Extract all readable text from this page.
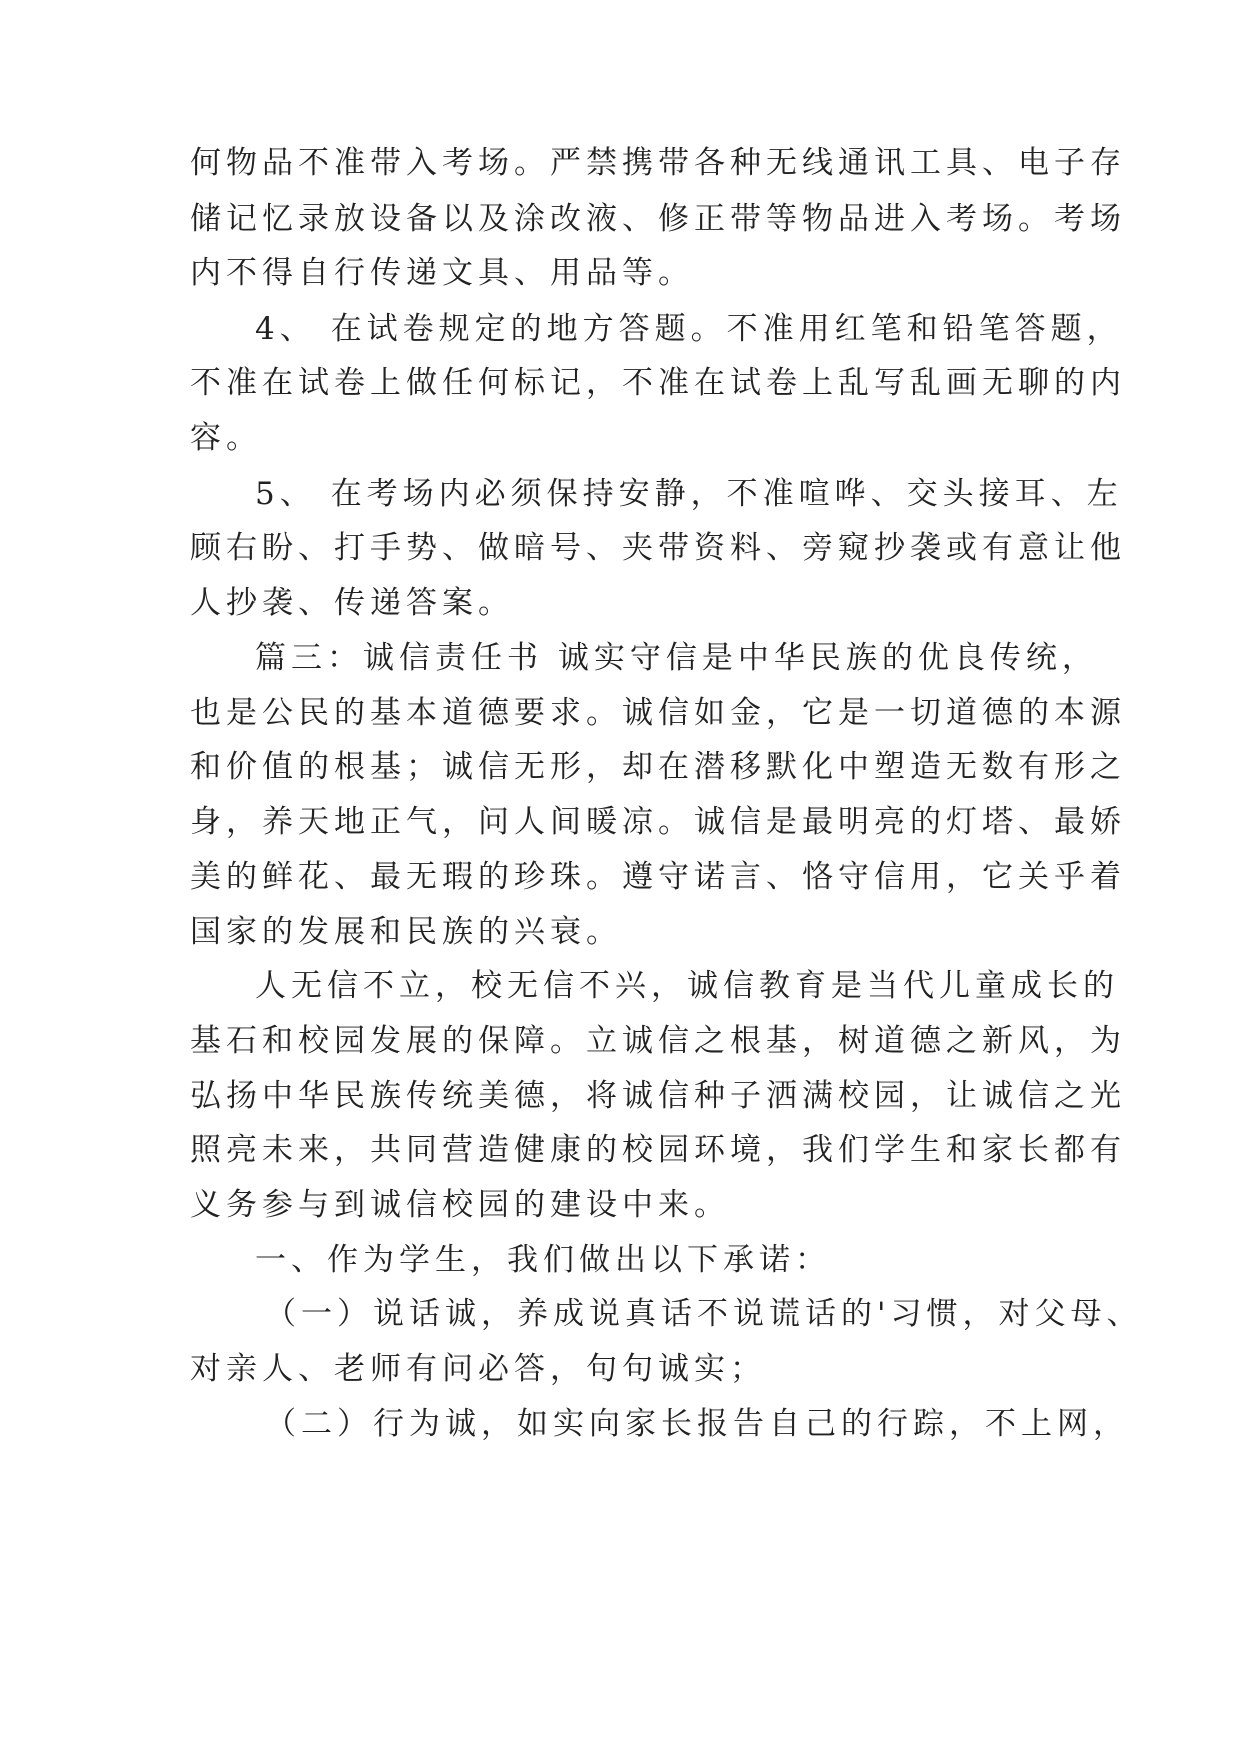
何物品不准带入考场。严禁携带各种无线通讯工具、电子存
储记忆录放设备以及涂改液、修正带等物品进入考场。考场
内不得自行传递文具、用品等。
4、 在试卷规定的地方答题。不准用红笔和铅笔答题，
不准在试卷上做任何标记，不准在试卷上乱写乱画无聊的内
容。
5、 在考场内必须保持安静，不准喧哗、交头接耳、左
顾右盼、打手势、做暗号、夹带资料、旁窥抄袭或有意让他
人抄袭、传递答案。
篇三：诚信责任书 诚实守信是中华民族的优良传统，
也是公民的基本道德要求。诚信如金，它是一切道德的本源
和价值的根基；诚信无形，却在潜移默化中塑造无数有形之
身，养天地正气，问人间暖凉。诚信是最明亮的灯塔、最娇
美的鲜花、最无瑕的珍珠。遵守诺言、恪守信用，它关乎着
国家的发展和民族的兴衰。
人无信不立，校无信不兴，诚信教育是当代儿童成长的
基石和校园发展的保障。立诚信之根基，树道德之新风，为
弘扬中华民族传统美德，将诚信种子洒满校园，让诚信之光
照亮未来，共同营造健康的校园环境，我们学生和家长都有
义务参与到诚信校园的建设中来。
一、作为学生，我们做出以下承诺：
（一）说话诚，养成说真话不说谎话的'习惯，对父母、
对亲人、老师有问必答，句句诚实；
（二）行为诚，如实向家长报告自己的行踪，不上网，
